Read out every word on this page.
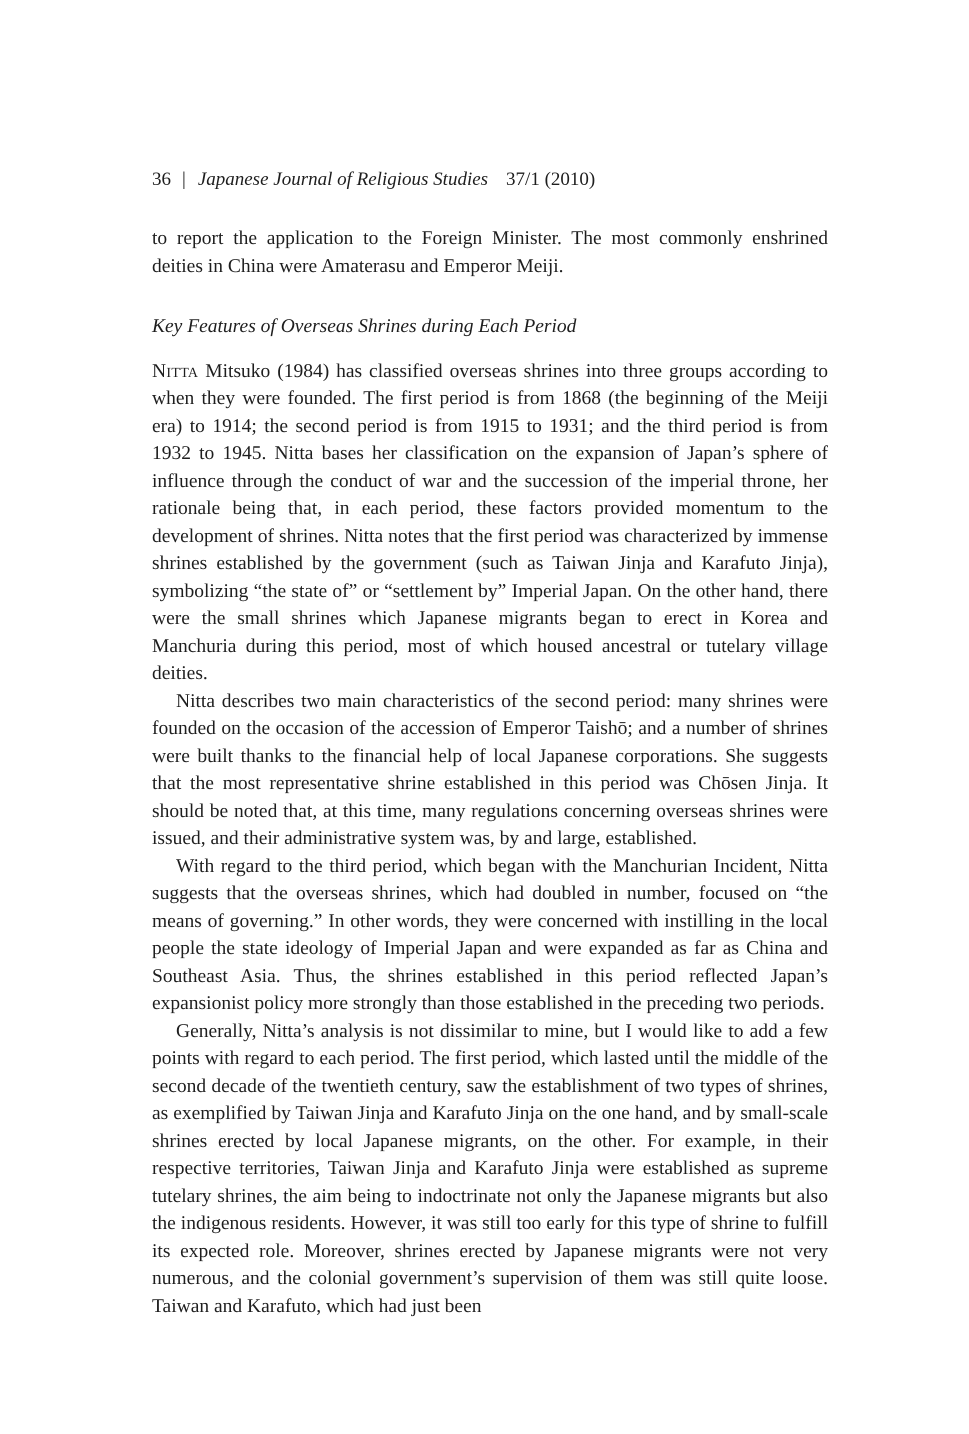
36 | Japanese Journal of Religious Studies 37/1 (2010)

to report the application to the Foreign Minister. The most commonly enshrined deities in China were Amaterasu and Emperor Meiji.

Key Features of Overseas Shrines during Each Period

Nitta Mitsuko (1984) has classified overseas shrines into three groups according to when they were founded. The first period is from 1868 (the beginning of the Meiji era) to 1914; the second period is from 1915 to 1931; and the third period is from 1932 to 1945. Nitta bases her classification on the expansion of Japan’s sphere of influence through the conduct of war and the succession of the imperial throne, her rationale being that, in each period, these factors provided momentum to the development of shrines. Nitta notes that the first period was characterized by immense shrines established by the government (such as Taiwan Jinja and Karafuto Jinja), symbolizing “the state of” or “settlement by” Imperial Japan. On the other hand, there were the small shrines which Japanese migrants began to erect in Korea and Manchuria during this period, most of which housed ancestral or tutelary village deities.

Nitta describes two main characteristics of the second period: many shrines were founded on the occasion of the accession of Emperor Taishō; and a number of shrines were built thanks to the financial help of local Japanese corporations. She suggests that the most representative shrine established in this period was Chōsen Jinja. It should be noted that, at this time, many regulations concerning overseas shrines were issued, and their administrative system was, by and large, established.

With regard to the third period, which began with the Manchurian Incident, Nitta suggests that the overseas shrines, which had doubled in number, focused on “the means of governing.” In other words, they were concerned with instilling in the local people the state ideology of Imperial Japan and were expanded as far as China and Southeast Asia. Thus, the shrines established in this period reflected Japan’s expansionist policy more strongly than those established in the preceding two periods.

Generally, Nitta’s analysis is not dissimilar to mine, but I would like to add a few points with regard to each period. The first period, which lasted until the middle of the second decade of the twentieth century, saw the establishment of two types of shrines, as exemplified by Taiwan Jinja and Karafuto Jinja on the one hand, and by small-scale shrines erected by local Japanese migrants, on the other. For example, in their respective territories, Taiwan Jinja and Karafuto Jinja were established as supreme tutelary shrines, the aim being to indoctrinate not only the Japanese migrants but also the indigenous residents. However, it was still too early for this type of shrine to fulfill its expected role. Moreover, shrines erected by Japanese migrants were not very numerous, and the colonial government’s supervision of them was still quite loose. Taiwan and Karafuto, which had just been
